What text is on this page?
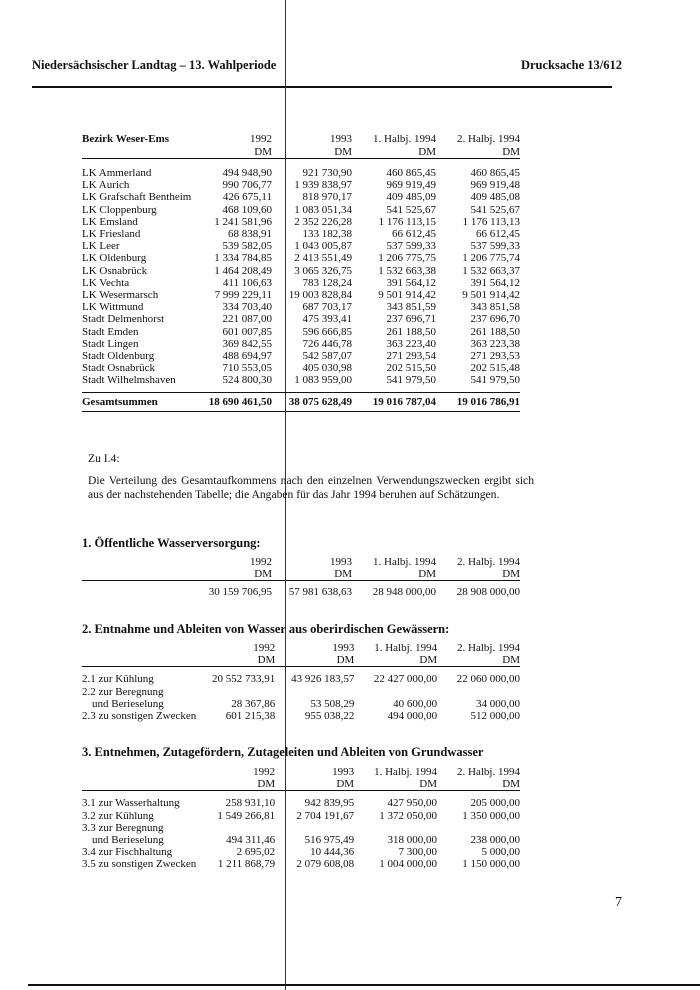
Niedersächsischer Landtag – 13. Wahlperiode	Drucksache 13/612
Bezirk Weser-Ems	1992	1993	1. Halbj. 1994	2. Halbj. 1994
	DM	DM	DM	DM

LK Ammerland	494 948,90	921 730,90	460 865,45	460 865,45
LK Aurich	990 706,77	1 939 838,97	969 919,49	969 919,48
LK Grafschaft Bentheim	426 675,11	818 970,17	409 485,09	409 485,08
LK Cloppenburg	468 109,60	1 083 051,34	541 525,67	541 525,67
LK Emsland	1 241 581,96	2 352 226,28	1 176 113,15	1 176 113,13
LK Friesland	68 838,91	133 182,38	66 612,45	66 612,45
LK Leer	539 582,05	1 043 005,87	537 599,33	537 599,33
LK Oldenburg	1 334 784,85	2 413 551,49	1 206 775,75	1 206 775,74
LK Osnabrück	1 464 208,49	3 065 326,75	1 532 663,38	1 532 663,37
LK Vechta	411 106,63	783 128,24	391 564,12	391 564,12
LK Wesermarsch	7 999 229,11	19 003 828,84	9 501 914,42	9 501 914,42
LK Wittmund	334 703,40	687 703,17	343 851,59	343 851,58
Stadt Delmenhorst	221 087,00	475 393,41	237 696,71	237 696,70
Stadt Emden	601 007,85	596 666,85	261 188,50	261 188,50
Stadt Lingen	369 842,55	726 446,78	363 223,40	363 223,38
Stadt Oldenburg	488 694,97	542 587,07	271 293,54	271 293,53
Stadt Osnabrück	710 553,05	405 030,98	202 515,50	202 515,48
Stadt Wilhelmshaven	524 800,30	1 083 959,00	541 979,50	541 979,50

Gesamtsummen	18 690 461,50	38 075 628,49	19 016 787,04	19 016 786,91
Zu I.4:
Die Verteilung des Gesamtaufkommens nach den einzelnen Verwendungszwecken ergibt sich aus der nachstehenden Tabelle; die Angaben für das Jahr 1994 beruhen auf Schätzungen.
1. Öffentliche Wasserversorgung:
	1992	1993	1. Halbj. 1994	2. Halbj. 1994
	DM	DM	DM	DM

	30 159 706,95	57 981 638,63	28 948 000,00	28 908 000,00
2. Entnahme und Ableiten von Wasser aus oberirdischen Gewässern:
	1992	1993	1. Halbj. 1994	2. Halbj. 1994
	DM	DM	DM	DM

2.1 zur Kühlung	20 552 733,91	43 926 183,57	22 427 000,00	22 060 000,00
2.2 zur Beregnung				
und Berieselung	28 367,86	53 508,29	40 600,00	34 000,00
2.3 zu sonstigen Zwecken	601 215,38	955 038,22	494 000,00	512 000,00
3. Entnehmen, Zutagefördern, Zutageleiten und Ableiten von Grundwasser
	1992	1993	1. Halbj. 1994	2. Halbj. 1994
	DM	DM	DM	DM

3.1 zur Wasserhaltung	258 931,10	942 839,95	427 950,00	205 000,00
3.2 zur Kühlung	1 549 266,81	2 704 191,67	1 372 050,00	1 350 000,00
3.3 zur Beregnung				
und Berieselung	494 311,46	516 975,49	318 000,00	238 000,00
3.4 zur Fischhaltung	2 695,02	10 444,36	7 300,00	5 000,00
3.5 zu sonstigen Zwecken	1 211 868,79	2 079 608,08	1 004 000,00	1 150 000,00
7
